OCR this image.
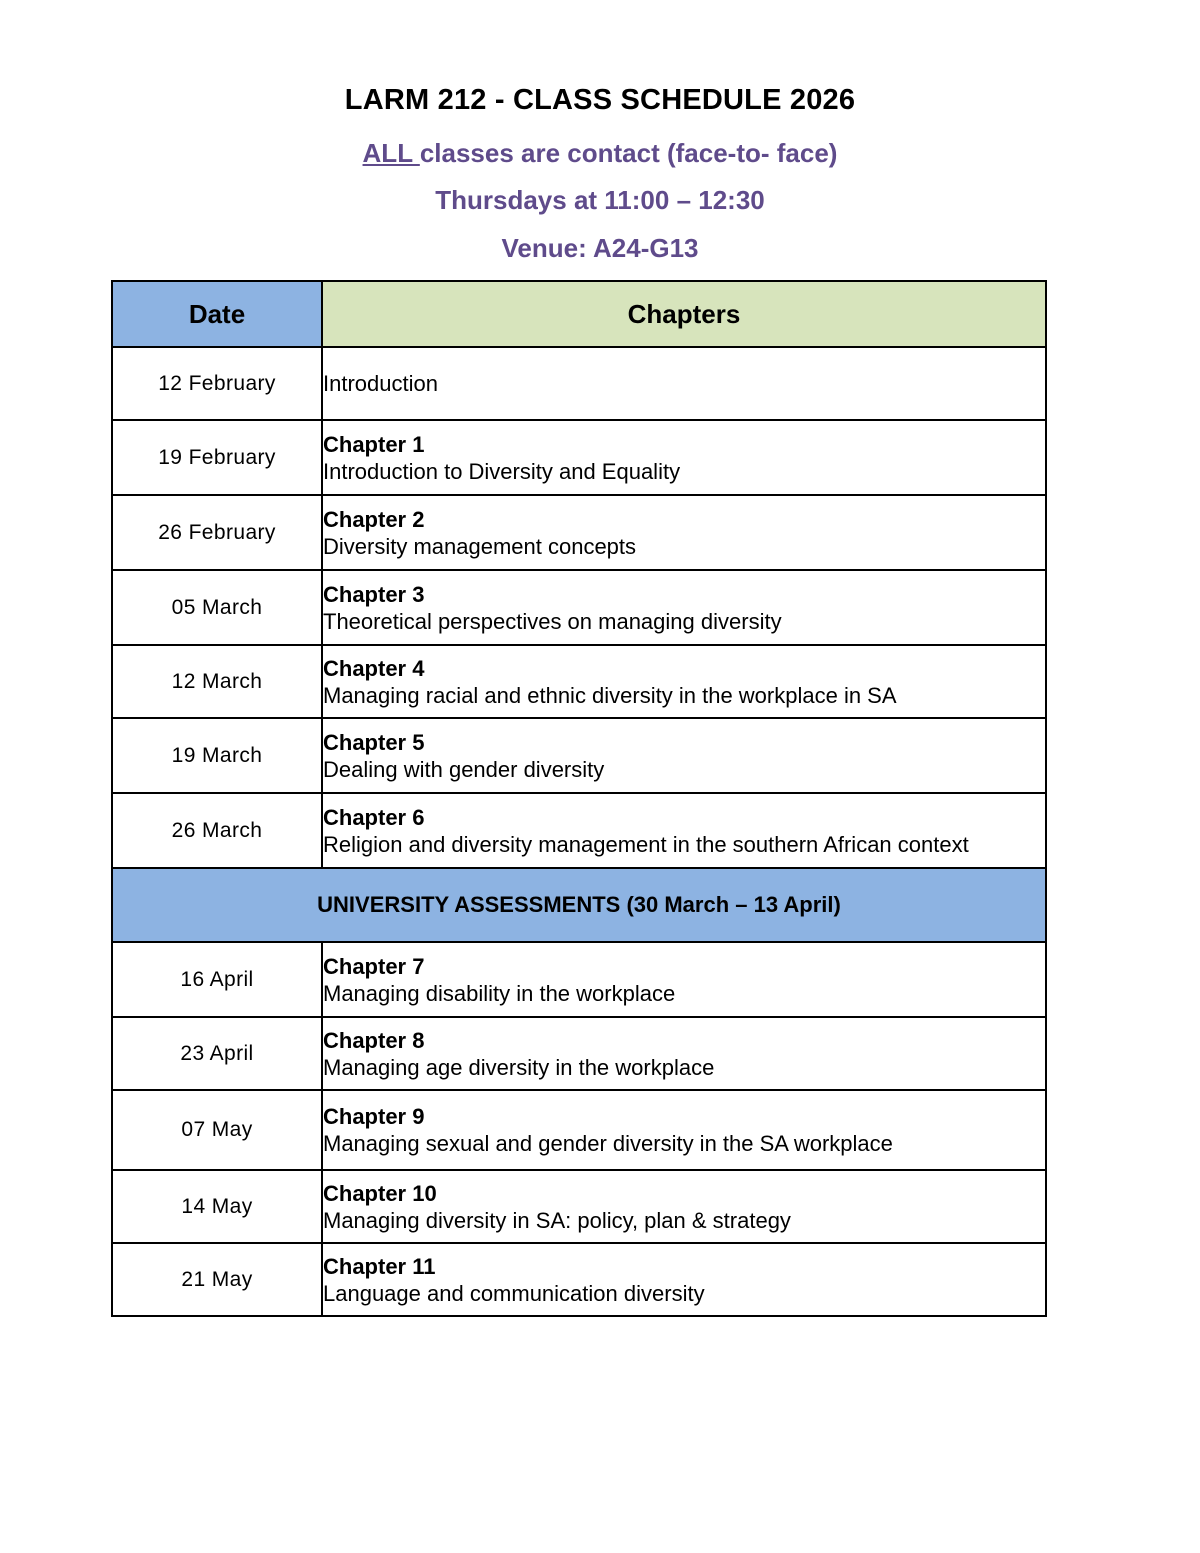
LARM 212 - CLASS SCHEDULE 2026
ALL classes are contact (face-to- face)
Thursdays at 11:00 – 12:30
Venue: A24-G13
Date	Chapters
12 February	Introduction

19 February	Chapter 1
Introduction to Diversity and Equality

26 February	Chapter 2
Diversity management concepts

05 March	Chapter 3
Theoretical perspectives on managing diversity

12 March	Chapter 4
Managing racial and ethnic diversity in the workplace in SA

19 March	Chapter 5
Dealing with gender diversity

26 March	Chapter 6
Religion and diversity management in the southern African context

UNIVERSITY ASSESSMENTS (30 March – 13 April)	
16 April	Chapter 7
Managing disability in the workplace

23 April	Chapter 8
Managing age diversity in the workplace

07 May	Chapter 9
Managing sexual and gender diversity in the SA workplace

14 May	Chapter 10
Managing diversity in SA: policy, plan & strategy

21 May	Chapter 11
Language and communication diversity
